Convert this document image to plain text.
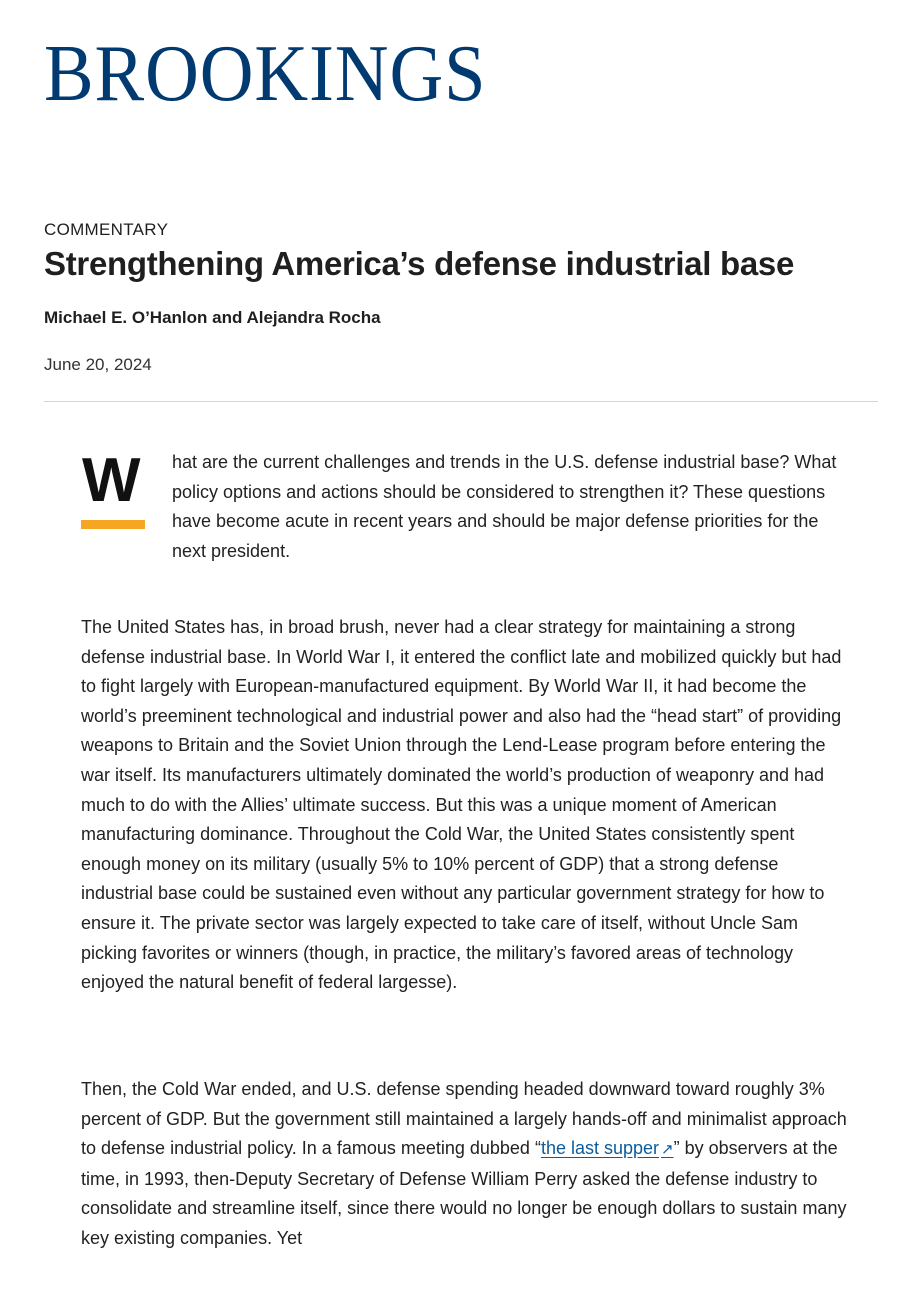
BROOKINGS
COMMENTARY
Strengthening America’s defense industrial base
Michael E. O’Hanlon and Alejandra Rocha
June 20, 2024
W hat are the current challenges and trends in the U.S. defense industrial base? What policy options and actions should be considered to strengthen it? These questions have become acute in recent years and should be major defense priorities for the next president.

The United States has, in broad brush, never had a clear strategy for maintaining a strong defense industrial base. In World War I, it entered the conflict late and mobilized quickly but had to fight largely with European-manufactured equipment. By World War II, it had become the world’s preeminent technological and industrial power and also had the “head start” of providing weapons to Britain and the Soviet Union through the Lend-Lease program before entering the war itself. Its manufacturers ultimately dominated the world’s production of weaponry and had much to do with the Allies’ ultimate success. But this was a unique moment of American manufacturing dominance. Throughout the Cold War, the United States consistently spent enough money on its military (usually 5% to 10% percent of GDP) that a strong defense industrial base could be sustained even without any particular government strategy for how to ensure it. The private sector was largely expected to take care of itself, without Uncle Sam picking favorites or winners (though, in practice, the military’s favored areas of technology enjoyed the natural benefit of federal largesse).

Then, the Cold War ended, and U.S. defense spending headed downward toward roughly 3% percent of GDP. But the government still maintained a largely hands-off and minimalist approach to defense industrial policy. In a famous meeting dubbed “the last supper ↗” by observers at the time, in 1993, then-Deputy Secretary of Defense William Perry asked the defense industry to consolidate and streamline itself, since there would no longer be enough dollars to sustain many key existing companies. Yet
